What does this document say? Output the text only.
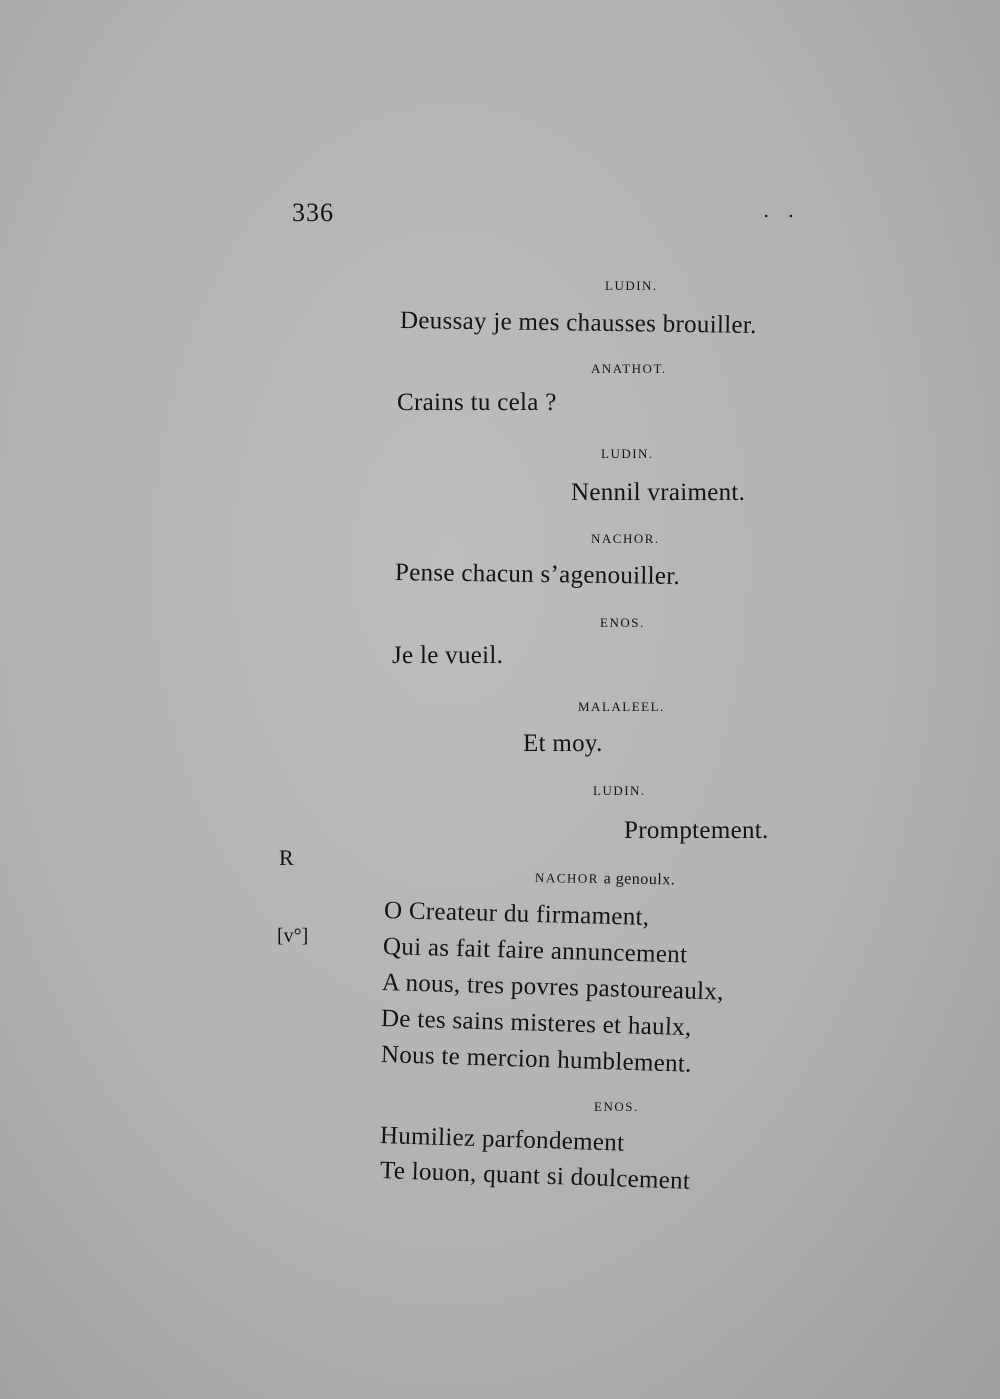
336	. .
LUDIN.
Deussay je mes chausses brouiller.
ANATHOT.
Crains tu cela ?
LUDIN.
Nennil vraiment.
NACHOR.
Pense chacun s’agenouiller.
ENOS.
Je le vueil.
MALALEEL.
Et moy.
LUDIN.
Promptement.
R
[v°]
NACHOR a genoulx.
O Createur du firmament,
Qui as fait faire annuncement
A nous, tres povres pastoureaulx,
De tes sains misteres et haulx,
Nous te mercion humblement.
ENOS.
Humiliez parfondement
Te louon, quant si doulcement
